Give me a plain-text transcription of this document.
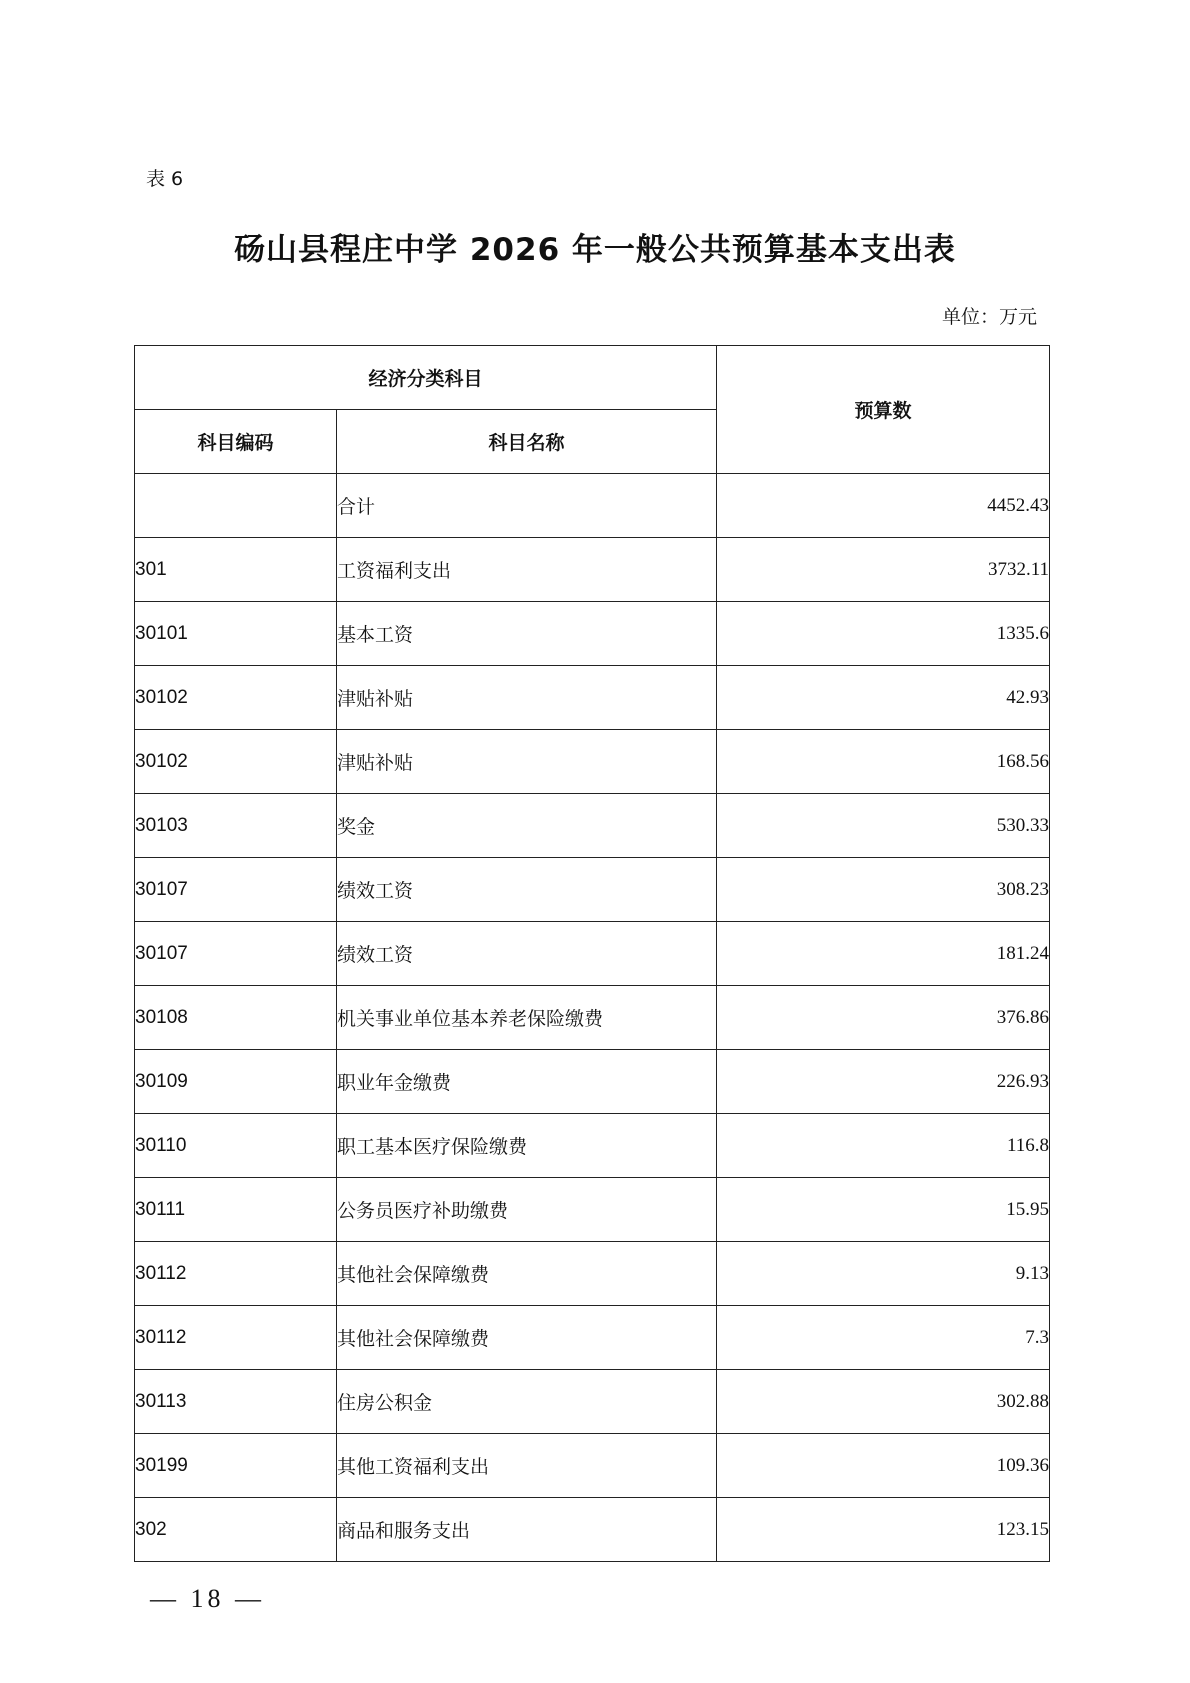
表 6
砀山县程庄中学 2026 年一般公共预算基本支出表
单位：万元
经济分类科目		预算数
科目编码	科目名称	
	合计	4452.43
301	工资福利支出	3732.11
30101	基本工资	1335.6
30102	津贴补贴	42.93
30102	津贴补贴	168.56
30103	奖金	530.33
30107	绩效工资	308.23
30107	绩效工资	181.24
30108	机关事业单位基本养老保险缴费	376.86
30109	职业年金缴费	226.93
30110	职工基本医疗保险缴费	116.8
30111	公务员医疗补助缴费	15.95
30112	其他社会保障缴费	9.13
30112	其他社会保障缴费	7.3
30113	住房公积金	302.88
30199	其他工资福利支出	109.36
302	商品和服务支出	123.15
— 18 —
